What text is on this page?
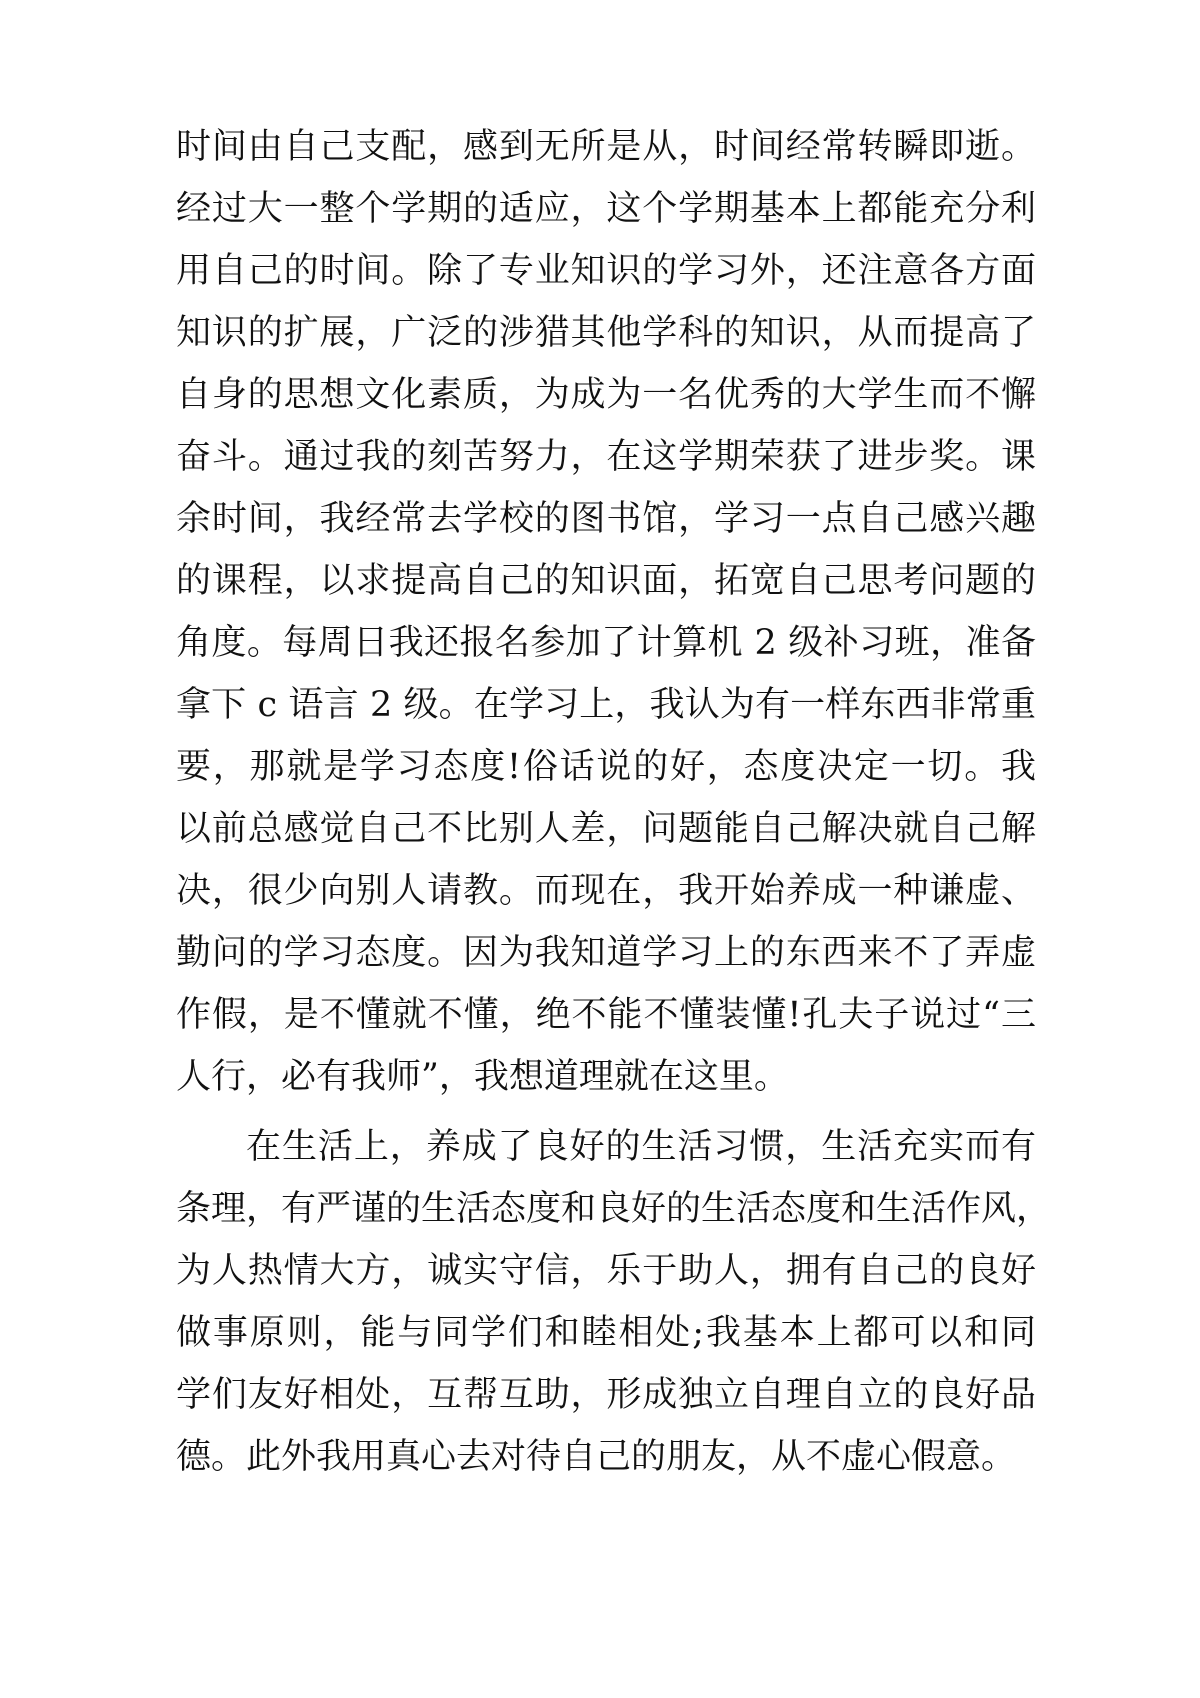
时间由自己支配，感到无所是从，时间经常转瞬即逝。
经过大一整个学期的适应，这个学期基本上都能充分利
用自己的时间。除了专业知识的学习外，还注意各方面
知识的扩展，广泛的涉猎其他学科的知识，从而提高了
自身的思想文化素质，为成为一名优秀的大学生而不懈
奋斗。通过我的刻苦努力，在这学期荣获了进步奖。课
余时间，我经常去学校的图书馆，学习一点自己感兴趣
的课程，以求提高自己的知识面，拓宽自己思考问题的
角度。每周日我还报名参加了计算机 2 级补习班，准备
拿下 c 语言 2 级。在学习上，我认为有一样东西非常重
要，那就是学习态度!俗话说的好，态度决定一切。我
以前总感觉自己不比别人差，问题能自己解决就自己解
决，很少向别人请教。而现在，我开始养成一种谦虚、
勤问的学习态度。因为我知道学习上的东西来不了弄虚
作假，是不懂就不懂，绝不能不懂装懂!孔夫子说过“三
人行，必有我师”，我想道理就在这里。
在生活上，养成了良好的生活习惯，生活充实而有
条理，有严谨的生活态度和良好的生活态度和生活作风，
为人热情大方，诚实守信，乐于助人，拥有自己的良好
做事原则，能与同学们和睦相处;我基本上都可以和同
学们友好相处，互帮互助，形成独立自理自立的良好品
德。此外我用真心去对待自己的朋友，从不虚心假意。
